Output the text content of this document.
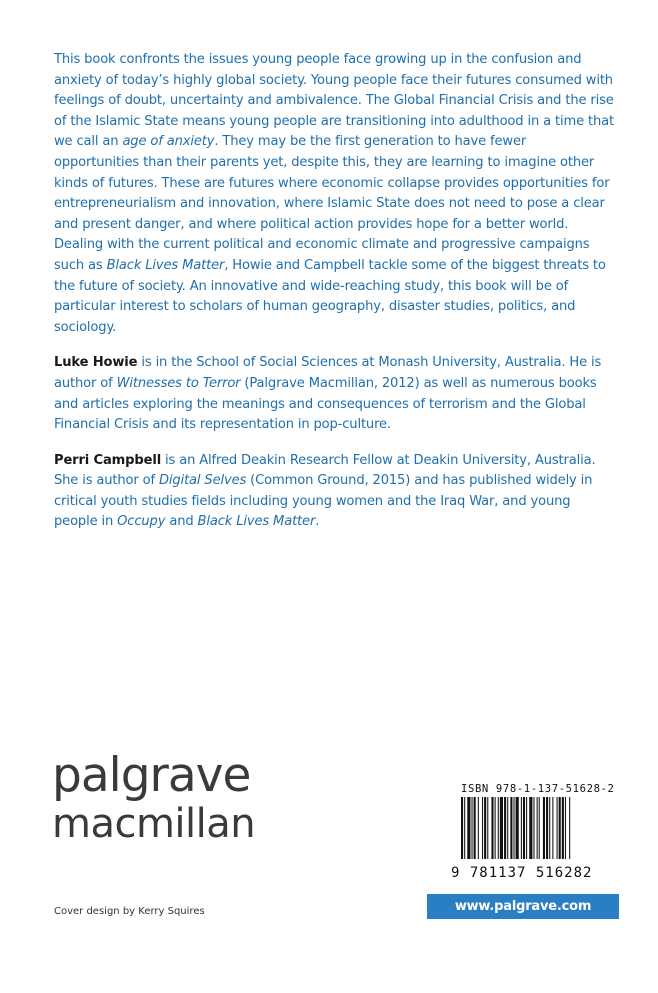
This book confronts the issues young people face growing up in the confusion and anxiety of today’s highly global society. Young people face their futures consumed with feelings of doubt, uncertainty and ambivalence. The Global Financial Crisis and the rise of the Islamic State means young people are transitioning into adulthood in a time that we call an age of anxiety. They may be the first generation to have fewer opportunities than their parents yet, despite this, they are learning to imagine other kinds of futures. These are futures where economic collapse provides opportunities for entrepreneurialism and innovation, where Islamic State does not need to pose a clear and present danger, and where political action provides hope for a better world. Dealing with the current political and economic climate and progressive campaigns such as Black Lives Matter, Howie and Campbell tackle some of the biggest threats to the future of society. An innovative and wide-reaching study, this book will be of particular interest to scholars of human geography, disaster studies, politics, and sociology.

Luke Howie is in the School of Social Sciences at Monash University, Australia. He is author of Witnesses to Terror (Palgrave Macmillan, 2012) as well as numerous books and articles exploring the meanings and consequences of terrorism and the Global Financial Crisis and its representation in pop-culture.

Perri Campbell is an Alfred Deakin Research Fellow at Deakin University, Australia. She is author of Digital Selves (Common Ground, 2015) and has published widely in critical youth studies fields including young women and the Iraq War, and young people in Occupy and Black Lives Matter.

palgrave
macmillan
Cover design by Kerry Squires
ISBN 978-1-137-51628-2
9 781137 516282
www.palgrave.com
